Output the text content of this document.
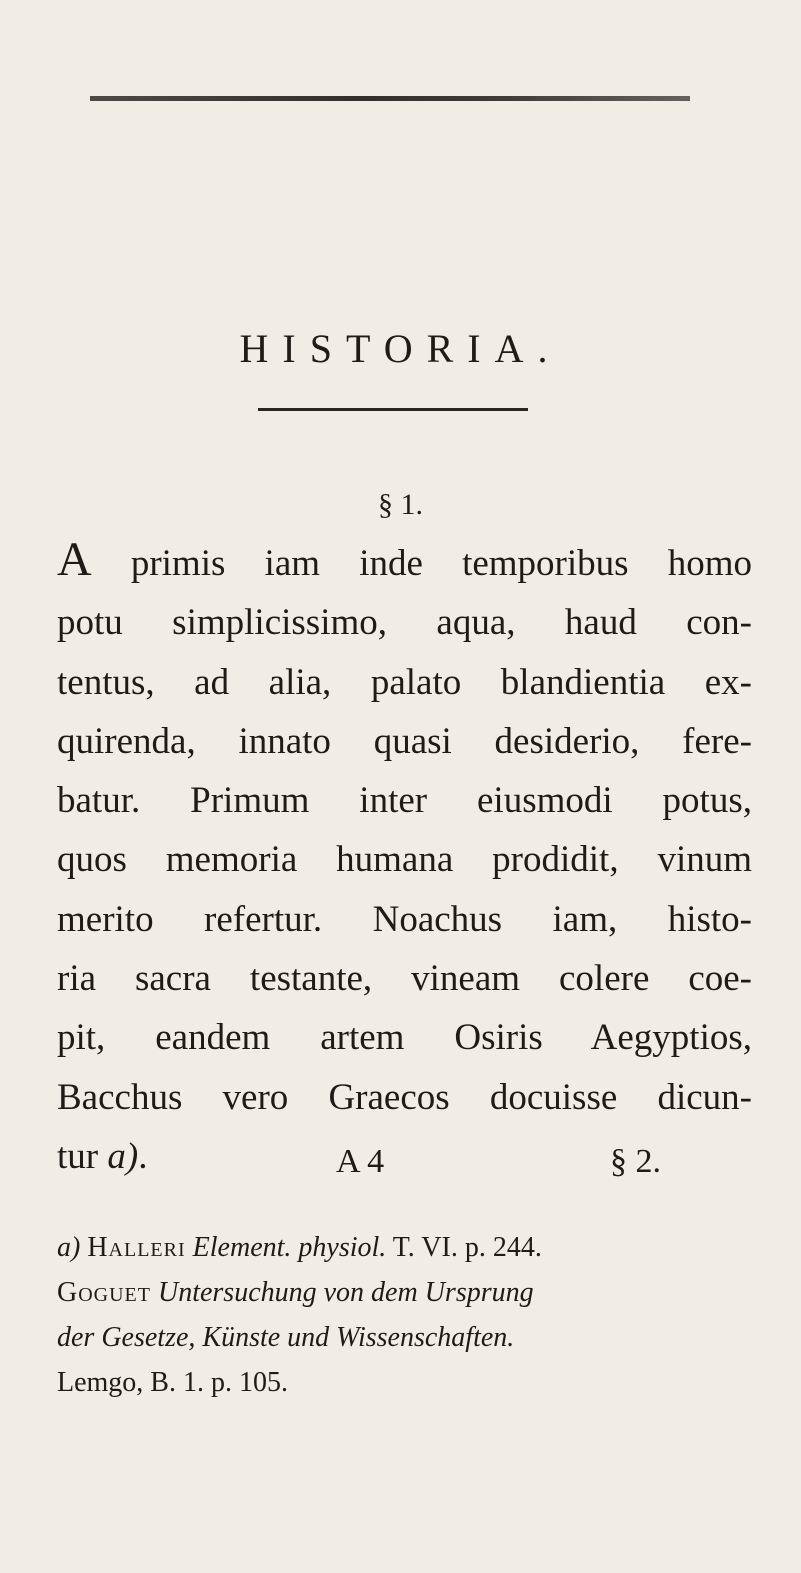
HISTORIA.
§ 1.
A primis iam inde temporibus homo
potu simplicissimo, aqua, haud con-
tentus, ad alia, palato blandientia ex-
quirenda, innato quasi desiderio, fere-
batur. Primum inter eiusmodi potus,
quos memoria humana prodidit, vinum
merito refertur. Noachus iam, histo-
ria sacra testante, vineam colere coe-
pit, eandem artem Osiris Aegyptios,
Bacchus vero Graecos docuisse dicun-
tur a).	A 4	§ 2.
a) Halleri Element. physiol. T. VI. p. 244.
Goguet Untersuchung von dem Ursprung
der Gesetze, Künste und Wissenschaften.
Lemgo, B. 1. p. 105.
